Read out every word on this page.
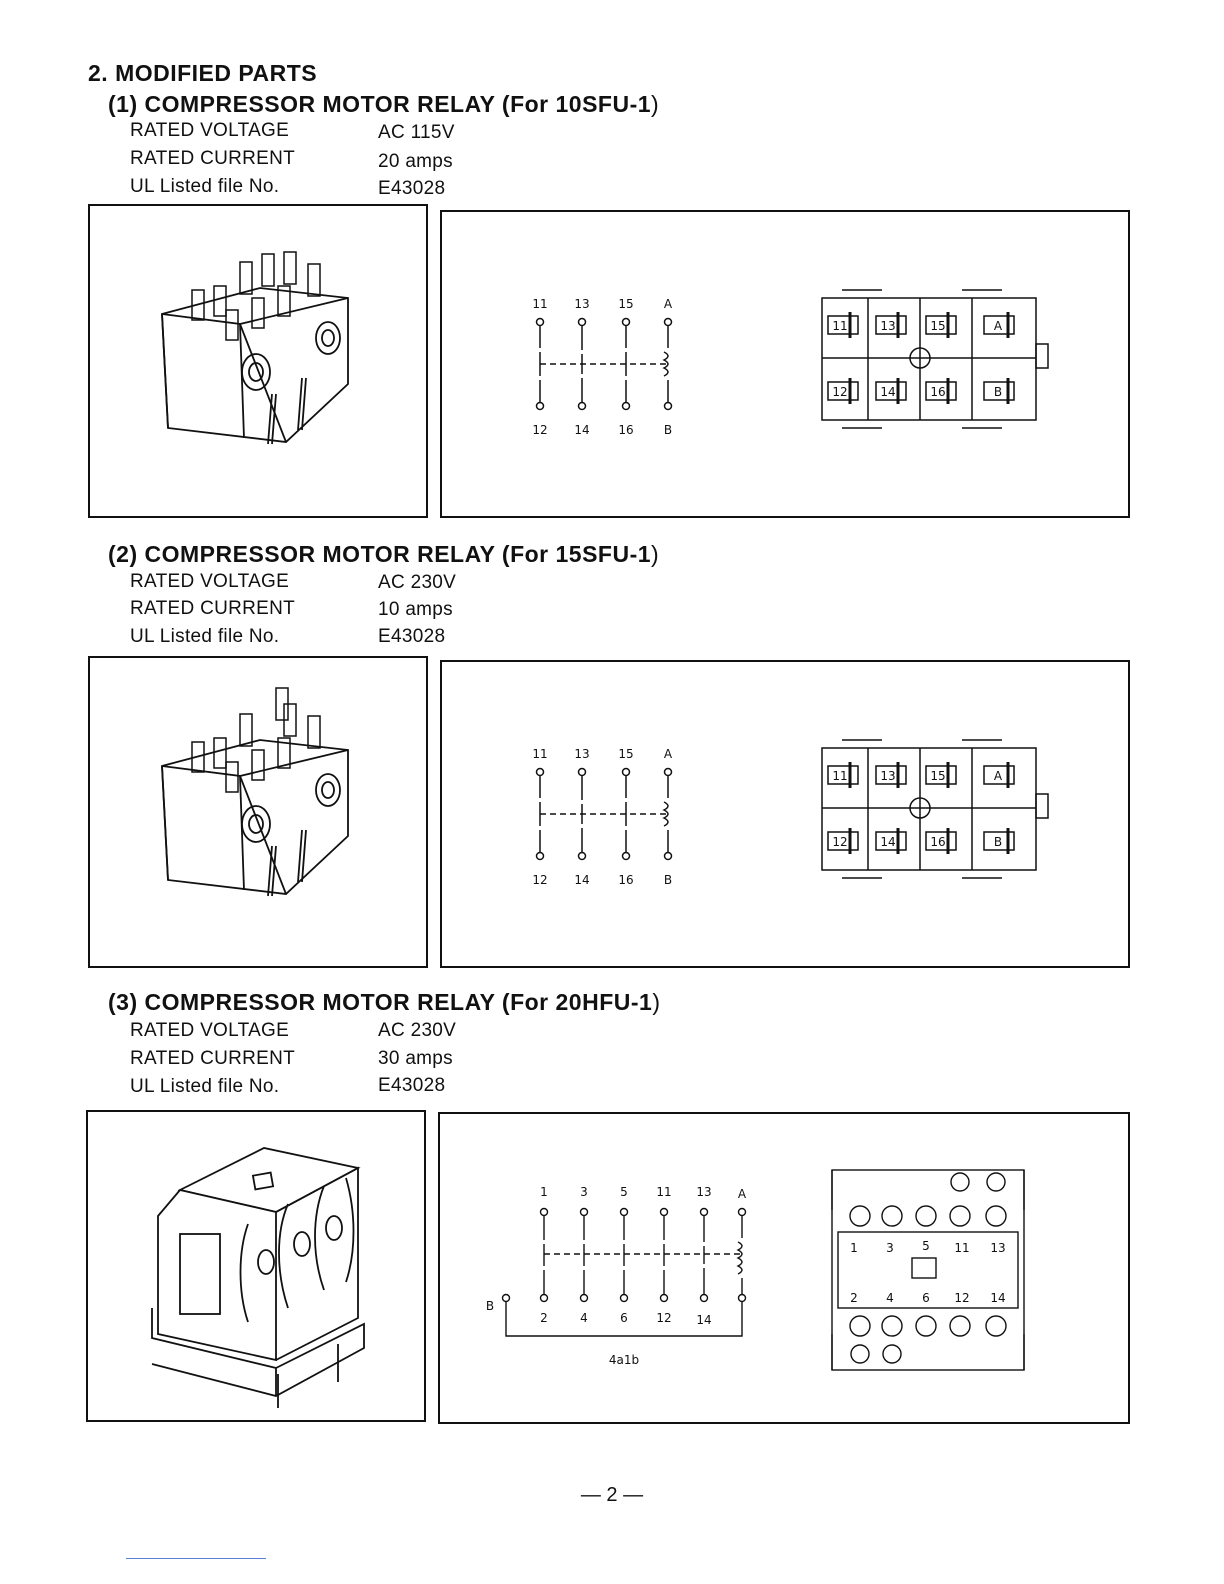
2. MODIFIED PARTS
(1) COMPRESSOR MOTOR RELAY (For 10SFU-1)
RATED VOLTAGE	AC 115V
RATED CURRENT	20 amps
UL Listed file No.	E43028
11 13 15	A
12 14 16	B
11	13	15	A
12	14	16	B
(2) COMPRESSOR MOTOR RELAY (For 15SFU-1)
RATED VOLTAGE	AC 230V
RATED CURRENT	10 amps
UL Listed file No.	E43028
11 13 15	A
12 14 16	B
11	13	15	A
12	14	16	B
(3) COMPRESSOR MOTOR RELAY (For 20HFU-1)
RATED VOLTAGE	AC 230V
RATED CURRENT	30 amps
UL Listed file No.	E43028
1	3	5 11 13 A
2	4	6 12 14
B
4a1b
1 3 5 11 13
2 4 6 12 14
— 2 —
